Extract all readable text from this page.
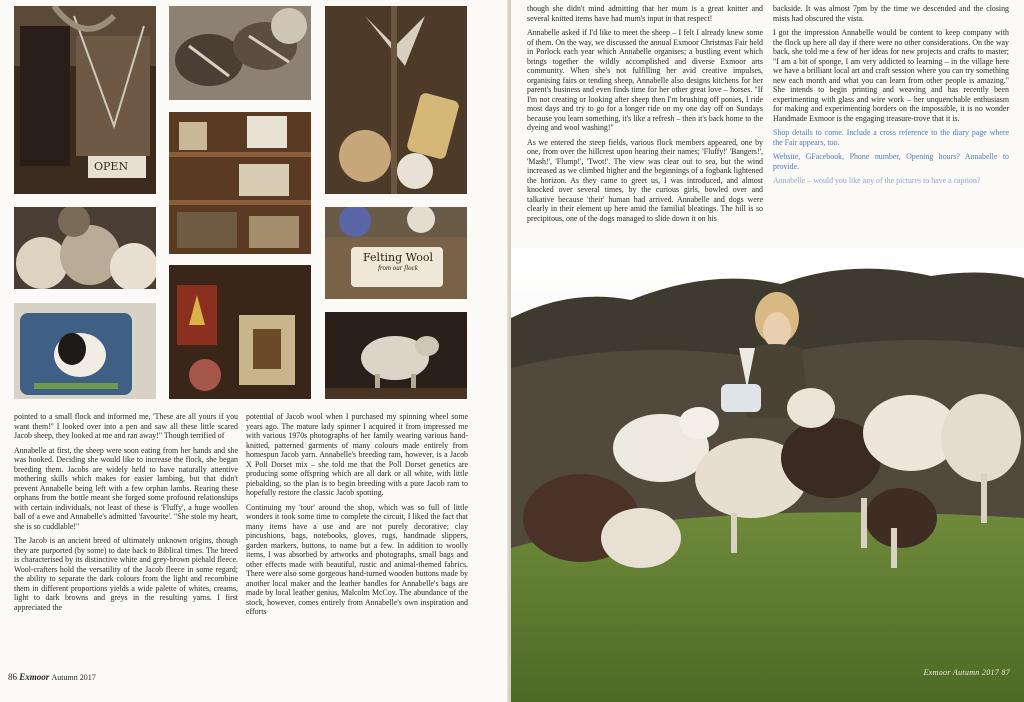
OPEN
Felting Wool
from our flock

pointed to a small flock and informed me, 'These are all yours if you want them!'' I looked over into a pen and saw all these little scared Jacob sheep, they looked at me and ran away!" Though terrified of

Annabelle at first, the sheep were soon eating from her hands and she was hooked. Deciding she would like to increase the flock, she began breeding them. Jacobs are widely held to have naturally attentive mothering skills which makes for easier lambing, but that didn't prevent Annabelle being left with a few orphan lambs. Rearing these orphans from the bottle meant she forged some profound relationships with certain individuals, not least of these is 'Fluffy', a huge woollen ball of a ewe and Annabelle's admitted 'favourite'. "She stole my heart, she is so cuddlable!"

The Jacob is an ancient breed of ultimately unknown origins, though they are purported (by some) to date back to Biblical times. The breed is characterised by its distinctive white and grey-brown piebald fleece. Wool-crafters hold the versatility of the Jacob fleece in some regard; the ability to separate the dark colours from the light and recombine them in different proportions yields a wide palette of whites, creams, light to dark browns and greys in the resulting yarns. I first appreciated the

potential of Jacob wool when I purchased my spinning wheel some years ago. The mature lady spinner I acquired it from impressed me with various 1970s photographs of her family wearing various hand-knitted, patterned garments of many colours made entirely from homespun Jacob yarn. Annabelle's breeding ram, however, is a Jacob X Poll Dorset mix – she told me that the Poll Dorset genetics are producing some offspring which are all dark or all white, with little piebalding, so the plan is to begin breeding with a pure Jacob ram to hopefully restore the classic Jacob spotting.

Continuing my 'tour' around the shop, which was so full of little wonders it took some time to complete the circuit, I liked the fact that many items have a use and are not purely decorative; clay pincushions, bags, notebooks, gloves, rugs, handmade slippers, garden markers, buttons, to name but a few. In addition to woolly items, I was absorbed by artworks and photographs, small bags and other effects made with beautiful, rustic and animal-themed fabrics. There were also some gorgeous hand-turned wooden buttons made by another local maker and the leather handles for Annabelle's bags are made by local leather genius, Malcolm McCoy. The abundance of the stock, however, comes entirely from Annabelle's own inspiration and efforts

86 Exmoor Autumn 2017

though she didn't mind admitting that her mum is a great knitter and several knitted items have had mum's input in that respect!

Annabelle asked if I'd like to meet the sheep – I felt I already knew some of them. On the way, we discussed the annual Exmoor Christmas Fair held in Porlock each year which Annabelle organises; a bustling event which brings together the wildly accomplished and diverse Exmoor arts community. When she's not fulfilling her avid creative impulses, organising fairs or tending sheep, Annabelle also designs kitchens for her parent's business and even finds time for her other great love – horses. "If I'm not creating or looking after sheep then I'm brushing off ponies, I ride most days and try to go for a longer ride on my one day off on Sundays because you learn something, it's like a refresh – then it's back home to the dyeing and wool washing!"

As we entered the steep fields, various flock members appeared, one by one, from over the hillcrest upon hearing their names; 'Fluffy!' 'Bangers!', 'Mash!', 'Flump!', 'Twot!'. The view was clear out to sea, but the wind increased as we climbed higher and the beginnings of a fogbank lightened the horizon. As they came to greet us, I was introduced, and almost knocked over several times, by the curious girls, bowled over and talkative because 'their' human had arrived. Annabelle and dogs were clearly in their element up here amid the familial bleatings. The hill is so precipitous, one of the dogs managed to slide down it on his

backside. It was almost 7pm by the time we descended and the closing mists had obscured the vista.

I got the impression Annabelle would be content to keep company with the flock up here all day if there were no other considerations. On the way back, she told me a few of her ideas for new projects and crafts to master; "I am a bit of sponge, I am very addicted to learning – in the village here we have a brilliant local art and craft session where you can try something new each month and what you can learn from other people is amazing." She intends to begin printing and weaving and has recently been experimenting with glass and wire work – her unquenchable enthusiasm for making and experimenting borders on the impossible, it is no wonder Handmade Exmoor is the engaging treasure-trove that it is.

Shop details to come. Include a cross reference to the diary page where the Fair appears, too.

Website, GFacebook, Phone number, Opening hours? Annabelle to provide.

Annabelle – would you like any of the pictures to have a caption?

Exmoor Autumn 2017 87
